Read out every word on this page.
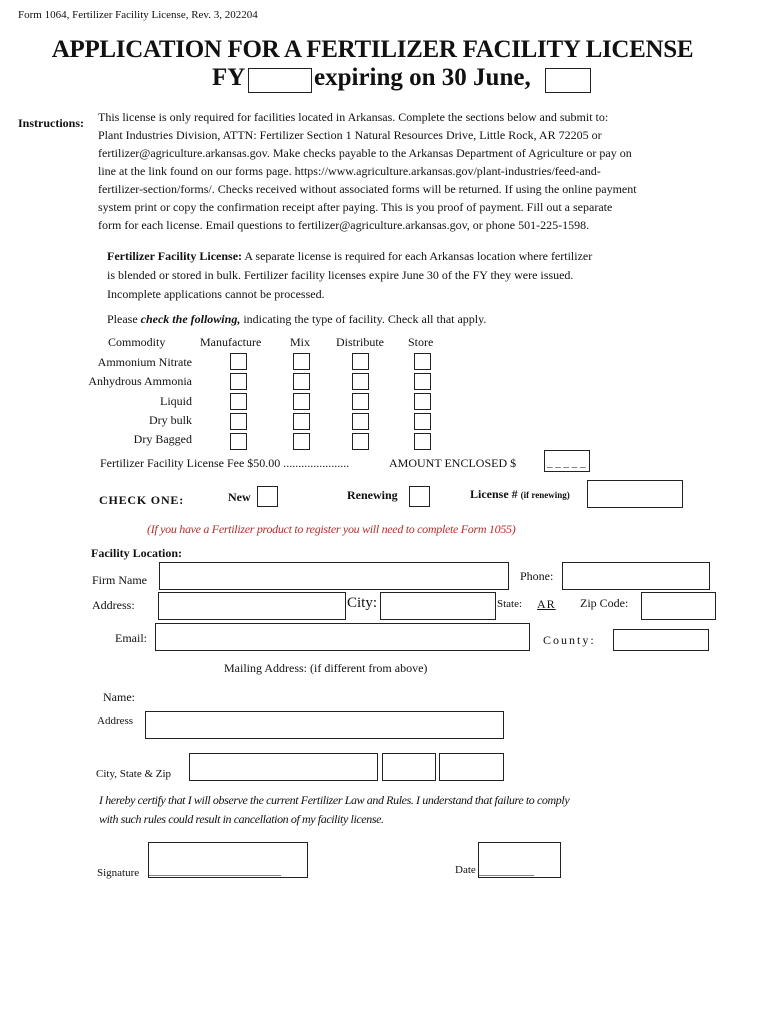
Form 1064, Fertilizer Facility License, Rev. 3, 202204
APPLICATION FOR A FERTILIZER FACILITY LICENSE
FY	expiring on 30 June,
Instructions: This license is only required for facilities located in Arkansas. Complete the sections below and submit to:
Plant Industries Division, ATTN: Fertilizer Section 1 Natural Resources Drive, Little Rock, AR 72205 or
fertilizer@agriculture.arkansas.gov. Make checks payable to the Arkansas Department of Agriculture or pay on
line at the link found on our forms page. https://www.agriculture.arkansas.gov/plant-industries/feed-and-
fertilizer-section/forms/. Checks received without associated forms will be returned. If using the online payment
system print or copy the confirmation receipt after paying. This is you proof of payment. Fill out a separate
form for each license. Email questions to fertilizer@agriculture.arkansas.gov, or phone 501-225-1598.
Fertilizer Facility License: A separate license is required for each Arkansas location where fertilizer
is blended or stored in bulk. Fertilizer facility licenses expire June 30 of the FY they were issued.
Incomplete applications cannot be processed.
Please check the following, indicating the type of facility. Check all that apply.
Commodity	Manufacture Mix Distribute Store
Ammonium Nitrate
Anhydrous Ammonia
Liquid
Dry bulk
Dry Bagged
Fertilizer Facility License Fee $50.00 ......................	AMOUNT ENCLOSED $	_ _ _ _ _
CHECK ONE:	New	Renewing	License # (if renewing)
(If you have a Fertilizer product to register you will need to complete Form 1055)
Facility Location:
Firm Name	Phone:
Address:	City:	State: AR Zip Code:
Email:	County:
Mailing Address: (if different from above)
Name:
Address
City, State & Zip
I hereby certify that I will observe the current Fertilizer Law and Rules. I understand that failure to comply
with such rules could result in cancellation of my facility license.
Signature ________________________	Date __________
